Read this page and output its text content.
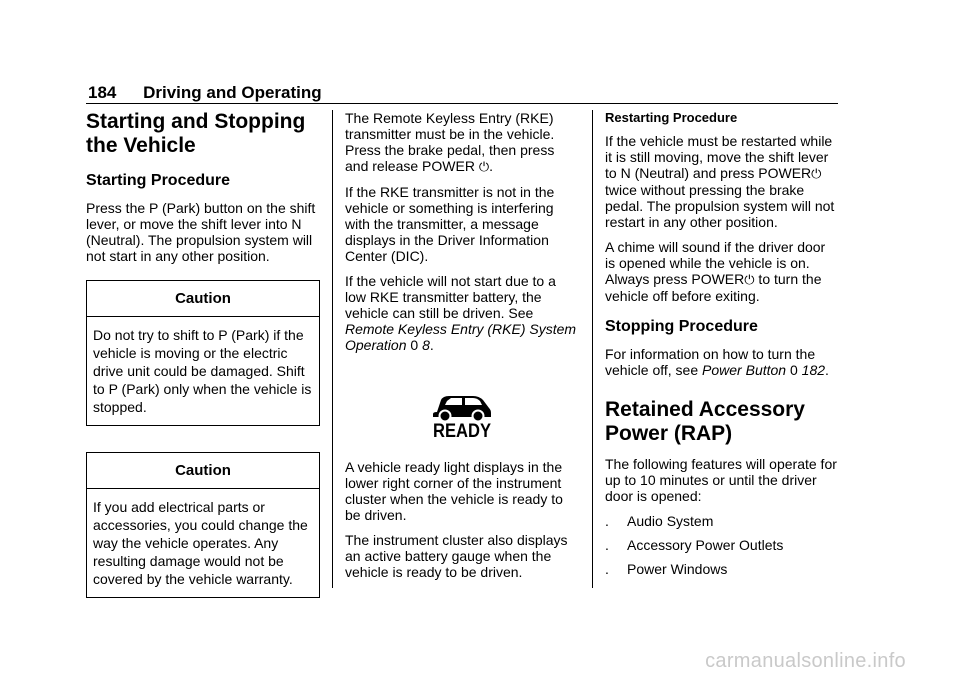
184 Driving and Operating
Starting and Stopping the Vehicle
Starting Procedure

Press the P (Park) button on the shift lever, or move the shift lever into N (Neutral). The propulsion system will not start in any other position.

Caution
Do not try to shift to P (Park) if the vehicle is moving or the electric drive unit could be damaged. Shift to P (Park) only when the vehicle is stopped.
Caution
If you add electrical parts or accessories, you could change the way the vehicle operates. Any resulting damage would not be covered by the vehicle warranty.

The Remote Keyless Entry (RKE) transmitter must be in the vehicle. Press the brake pedal, then press and release POWER ⏻.

If the RKE transmitter is not in the vehicle or something is interfering with the transmitter, a message displays in the Driver Information Center (DIC).

If the vehicle will not start due to a low RKE transmitter battery, the vehicle can still be driven. See Remote Keyless Entry (RKE) System Operation 0 8.

READY

A vehicle ready light displays in the lower right corner of the instrument cluster when the vehicle is ready to be driven.

The instrument cluster also displays an active battery gauge when the vehicle is ready to be driven.

Restarting Procedure

If the vehicle must be restarted while it is still moving, move the shift lever to N (Neutral) and press POWER⏻ twice without pressing the brake pedal. The propulsion system will not restart in any other position.

A chime will sound if the driver door is opened while the vehicle is on. Always press POWER⏻ to turn the vehicle off before exiting.

Stopping Procedure

For information on how to turn the vehicle off, see Power Button 0 182.

Retained Accessory Power (RAP)

The following features will operate for up to 10 minutes or until the driver door is opened:

.	Audio System
.	Accessory Power Outlets
.	Power Windows
carmanualsonline.info
